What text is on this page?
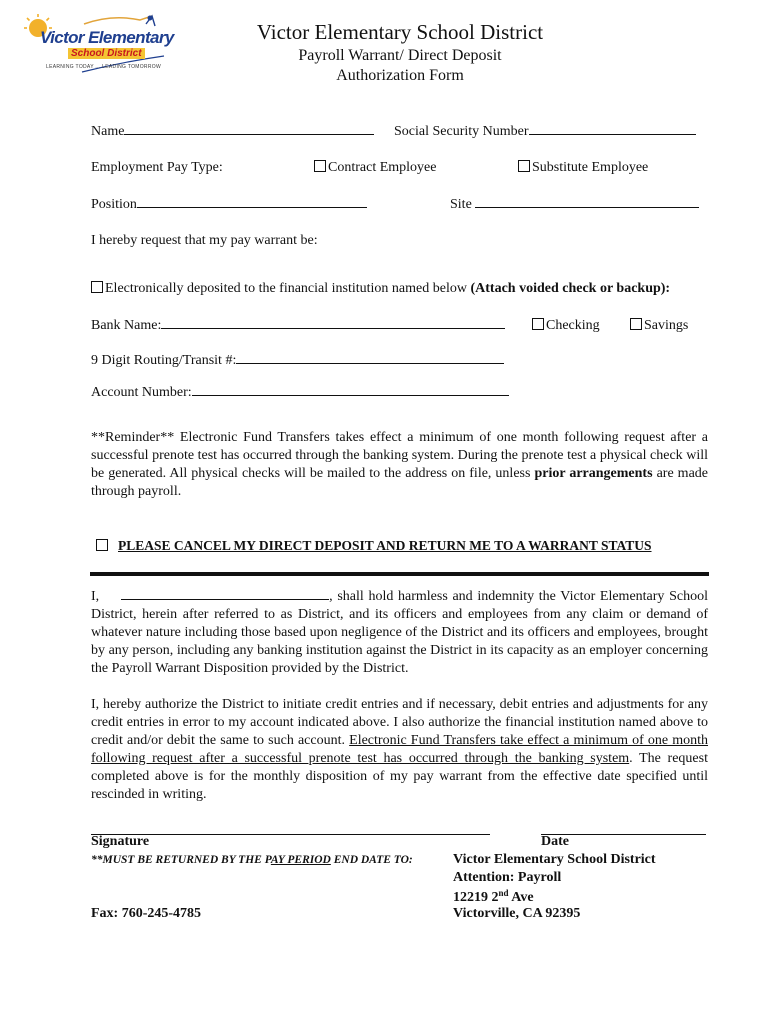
Victor Elementary
School District
LEARNING TODAY ... LEADING TOMORROW
Victor Elementary School District
Payroll Warrant/ Direct Deposit
Authorization Form
Name	Social Security Number
Employment Pay Type:	Contract Employee	Substitute Employee
Position	Site
I hereby request that my pay warrant be:
Electronically deposited to the financial institution named below (Attach voided check or backup):
Bank Name:	Checking	Savings
9 Digit Routing/Transit #:
Account Number:
**Reminder** Electronic Fund Transfers takes effect a minimum of one month following request after a successful prenote test has occurred through the banking system. During the prenote test a physical check will be generated. All physical checks will be mailed to the address on file, unless prior arrangements are made through payroll.
PLEASE CANCEL MY DIRECT DEPOSIT AND RETURN ME TO A WARRANT STATUS
I,	, shall hold harmless and indemnity the Victor Elementary School District, herein after referred to as District, and its officers and employees from any claim or demand of whatever nature including those based upon negligence of the District and its officers and employees, brought by any person, including any banking institution against the District in its capacity as an employer concerning the Payroll Warrant Disposition provided by the District.
I, hereby authorize the District to initiate credit entries and if necessary, debit entries and adjustments for any credit entries in error to my account indicated above. I also authorize the financial institution named above to credit and/or debit the same to such account. Electronic Fund Transfers take effect a minimum of one month following request after a successful prenote test has occurred through the banking system. The request completed above is for the monthly disposition of my pay warrant from the effective date specified until rescinded in writing.
Signature	Date
**MUST BE RETURNED BY THE PAY PERIOD END DATE TO:	Victor Elementary School District
Attention: Payroll
12219 2nd Ave
Victorville, CA 92395
Fax: 760-245-4785
